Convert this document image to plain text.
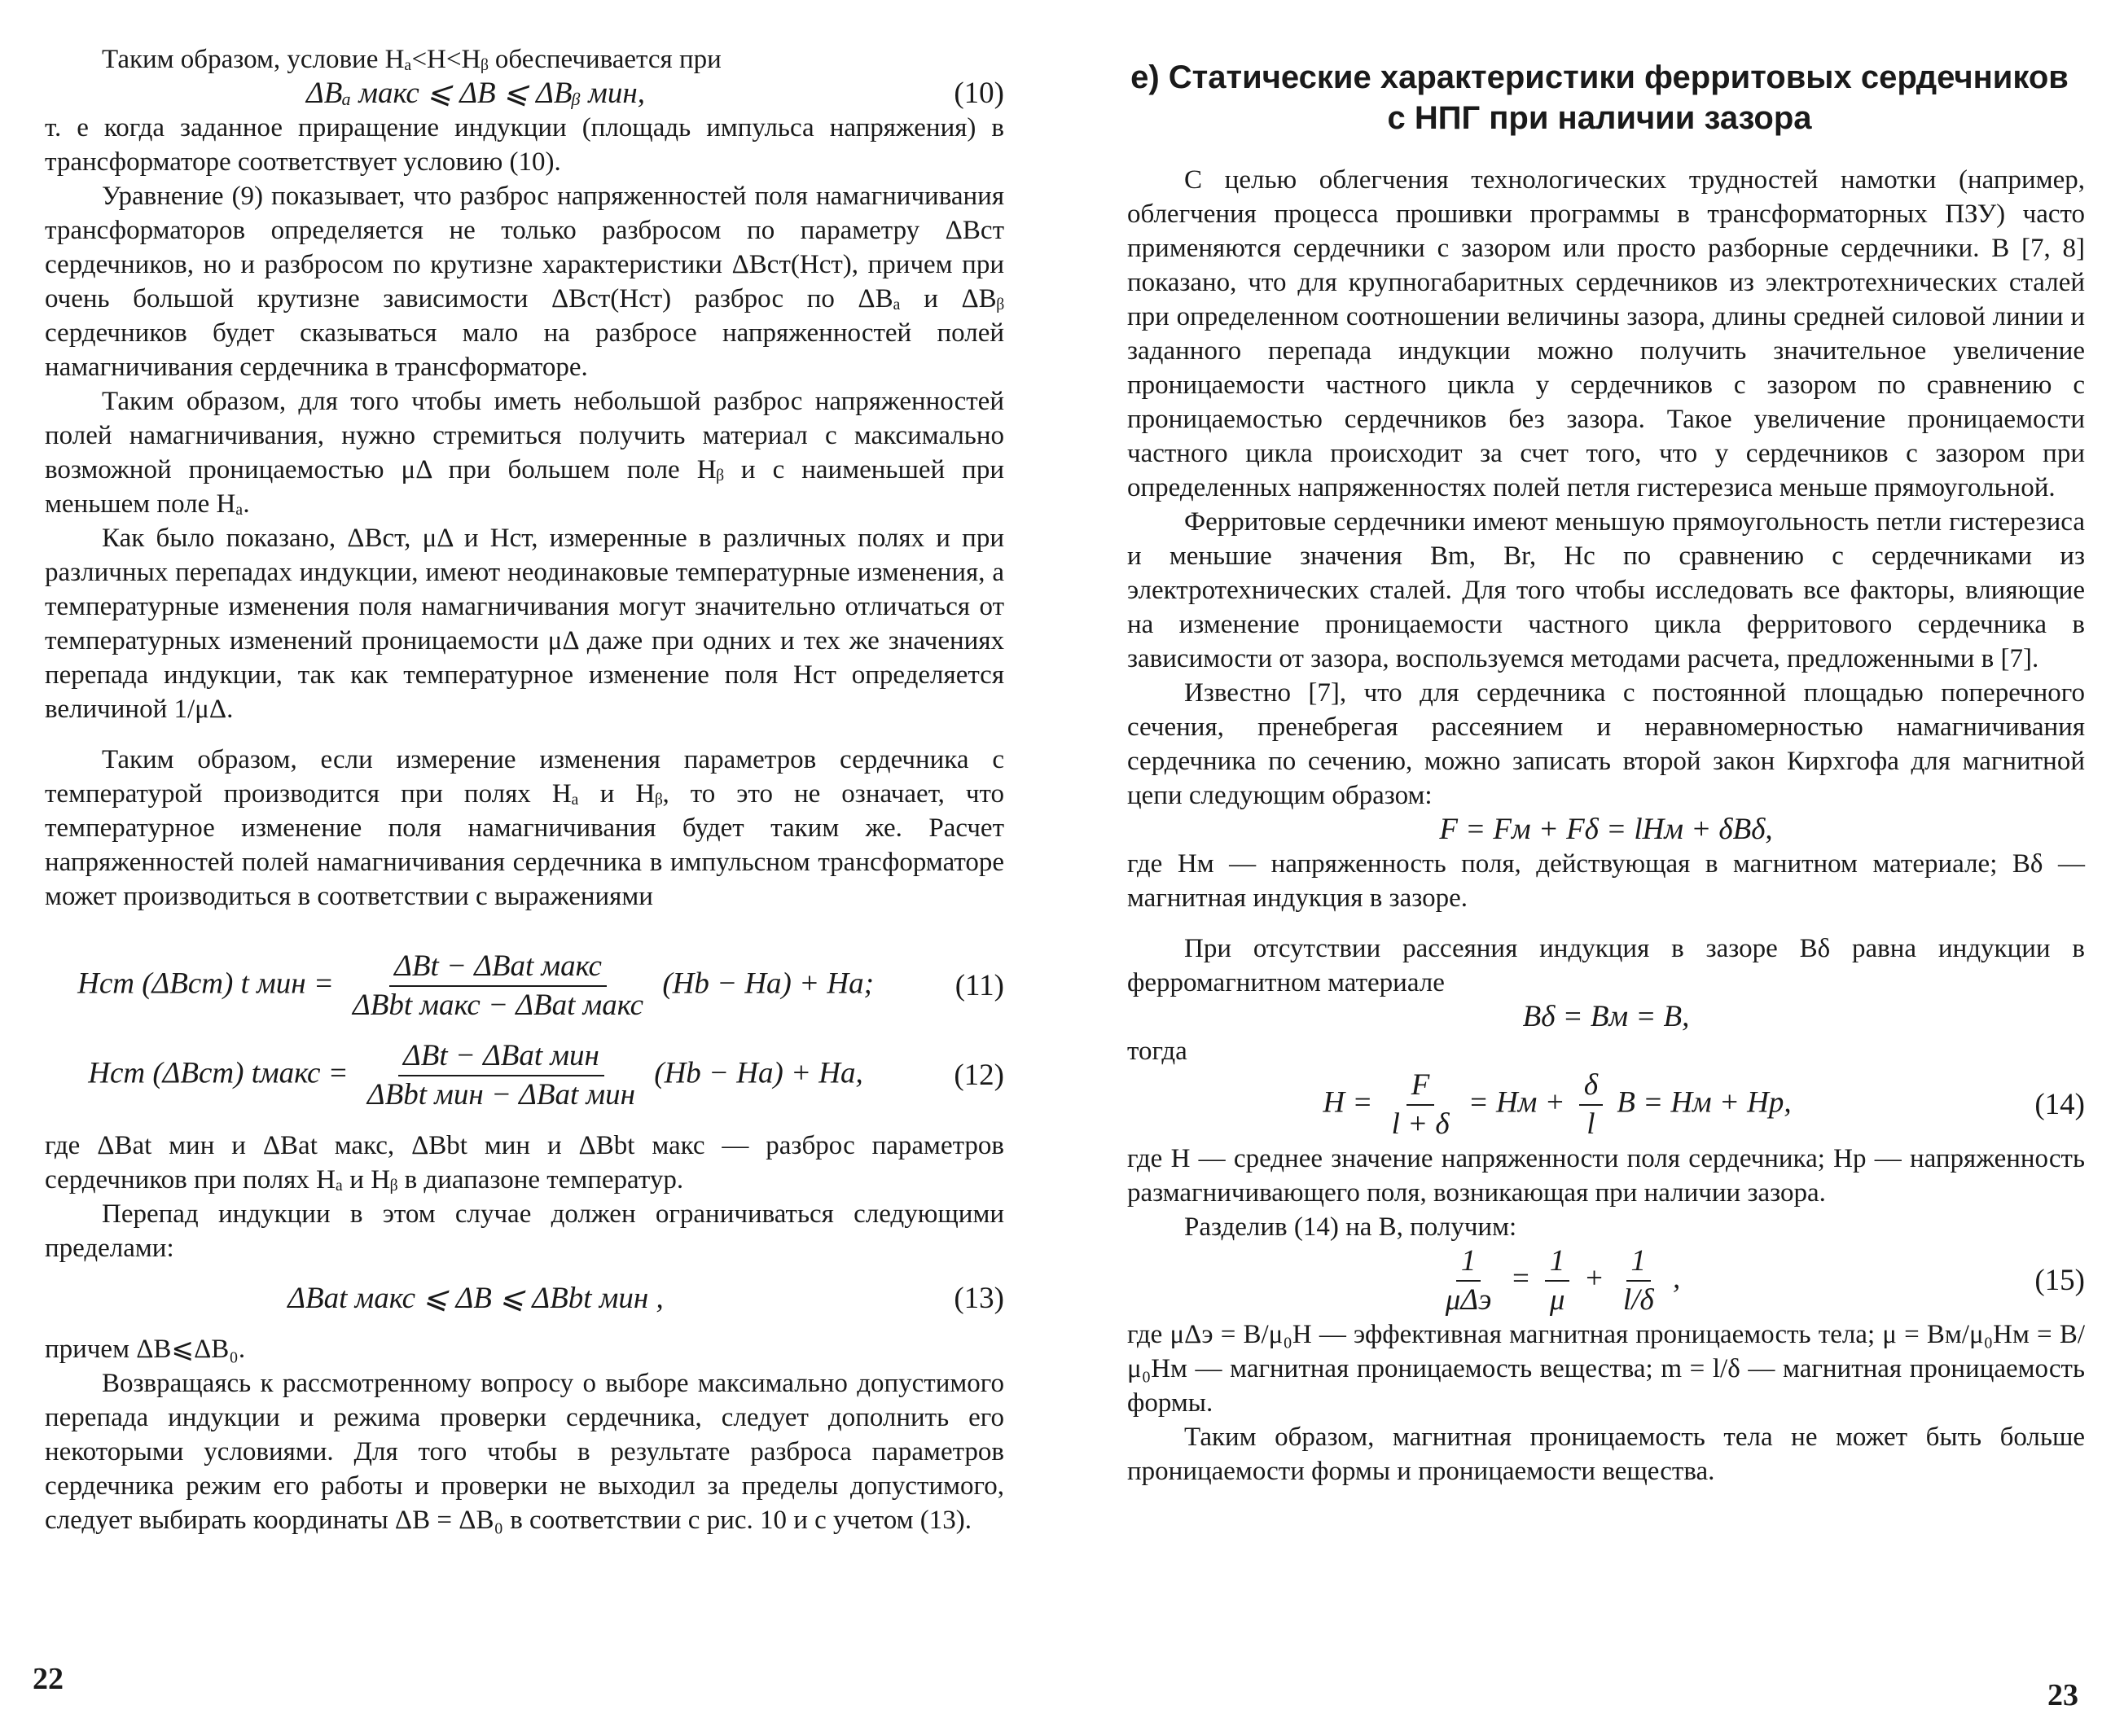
Таким образом, условие Hₐ<H<Hᵦ обеспечивается при

ΔBₐ макс ⩽ ΔB ⩽ ΔBᵦ мин,	(10)

т. е когда заданное приращение индукции (площадь импульса напряжения) в трансформаторе соответствует условию (10).

Уравнение (9) показывает, что разброс напряженностей поля намагничивания трансформаторов определяется не только разбросом по параметру ΔBст сердечников, но и разбросом по крутизне характеристики ΔBст(Hст), причем при очень большой крутизне зависимости ΔBст(Hст) разброс по ΔBₐ и ΔBᵦ сердечников будет сказываться мало на разбросе напряженностей полей намагничивания сердечника в трансформаторе.

Таким образом, для того чтобы иметь небольшой разброс напряженностей полей намагничивания, нужно стремиться получить материал с максимально возможной проницаемостью μΔ при большем поле Hᵦ и с наименьшей при меньшем поле Hₐ.

Как было показано, ΔBст, μΔ и Hст, измеренные в различных полях и при различных перепадах индукции, имеют неодинаковые температурные изменения, а температурные изменения поля намагничивания могут значительно отличаться от температурных изменений проницаемости μΔ даже при одних и тех же значениях перепада индукции, так как температурное изменение поля Hст определяется величиной 1/μΔ.

Таким образом, если измерение изменения параметров сердечника с температурой производится при полях Hₐ и Hᵦ, то это не означает, что температурное изменение поля намагничивания будет таким же. Расчет напряженностей полей намагничивания сердечника в импульсном трансформаторе может производиться в соответствии с выражениями

Hст (ΔBст) t мин = $\frac{\text{ΔBt − ΔBat макс}}{\text{ΔBbt макс − ΔBat макс}} (Hb - Ha) + Ha$;	(11)
Hст (ΔBст) tмакс = $\frac{\text{ΔBt − ΔBat мин}}{\text{ΔBbt мин − ΔBat мин}} (Hb - Ha) + Ha$,	(12)

где ΔBat мин и ΔBat макс, ΔBbt мин и ΔBbt макс — разброс параметров сердечников при полях Hₐ и Hᵦ в диапазоне температур.

Перепад индукции в этом случае должен ограничиваться следующими пределами:

ΔBat макс ⩽ ΔB ⩽ ΔBbt мин ,	(13)

причем ΔB⩽ΔB₀.

Возвращаясь к рассмотренному вопросу о выборе максимально допустимого перепада индукции и режима проверки сердечника, следует дополнить его некоторыми условиями. Для того чтобы в результате разброса параметров сердечника режим его работы и проверки не выходил за пределы допустимого, следует выбирать координаты ΔB = ΔB₀ в соответствии с рис. 10 и с учетом (13).

22
е) Статические характеристики ферритовых сердечников
с НПГ при наличии зазора

С целью облегчения технологических трудностей намотки (например, облегчения процесса прошивки программы в трансформаторных ПЗУ) часто применяются сердечники с зазором или просто разборные сердечники. В [7, 8] показано, что для крупногабаритных сердечников из электротехнических сталей при определенном соотношении величины зазора, длины средней силовой линии и заданного перепада индукции можно получить значительное увеличение проницаемости частного цикла у сердечников с зазором по сравнению с проницаемостью сердечников без зазора. Такое увеличение проницаемости частного цикла происходит за счет того, что у сердечников с зазором при определенных напряженностях полей петля гистерезиса меньше прямоугольной.

Ферритовые сердечники имеют меньшую прямоугольность петли гистерезиса и меньшие значения Bm, Br, Hc по сравнению с сердечниками из электротехнических сталей. Для того чтобы исследовать все факторы, влияющие на изменение проницаемости частного цикла ферритового сердечника в зависимости от зазора, воспользуемся методами расчета, предложенными в [7].

Известно [7], что для сердечника с постоянной площадью поперечного сечения, пренебрегая рассеянием и неравномерностью намагничивания сердечника по сечению, можно записать второй закон Кирхгофа для магнитной цепи следующим образом:

F = Fм + Fδ = lHм + δBδ,

где Hм — напряженность поля, действующая в магнитном материале; Bδ — магнитная индукция в зазоре.

При отсутствии рассеяния индукция в зазоре Bδ равна индукции в ферромагнитном материале

Bδ = Bм = B,

тогда

$H = \frac{F}{l + \delta}$ = Hм + $\frac{\delta}{l}$ B = Hм + Hр,	(14)

где H — среднее значение напряженности поля сердечника; Hр — напряженность размагничивающего поля, возникающая при наличии зазора.

Разделив (14) на B, получим:

$\frac{1}{\text{μΔэ}} = \frac{1}{\mu} + \frac{1}{l/\delta}$ ,	(15)

где μΔэ = B/μ₀H — эффективная магнитная проницаемость тела; μ = Bм/μ₀Hм = B/μ₀Hм — магнитная проницаемость вещества; m = l/δ — магнитная проницаемость формы.

Таким образом, магнитная проницаемость тела не может быть больше проницаемости формы и проницаемости вещества.

23
